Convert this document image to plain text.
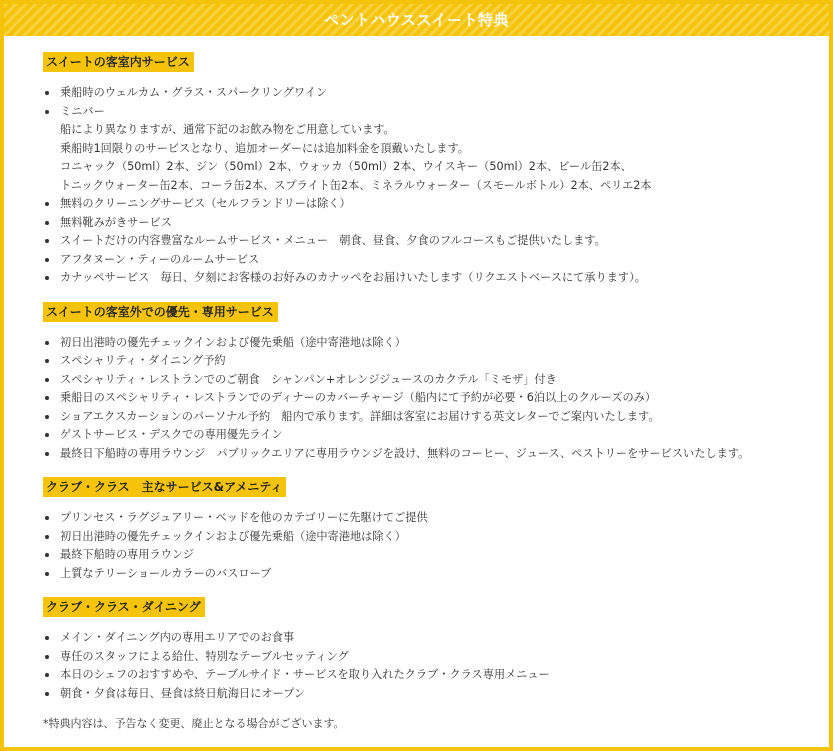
ペントハウススイート特典
スイートの客室内サービス
乗船時のウェルカム・グラス・スパークリングワイン
ミニバー
船により異なりますが、通常下記のお飲み物をご用意しています。
乗船時1回限りのサービスとなり、追加オーダーには追加料金を頂戴いたします。
コニャック（50ml）2本、ジン（50ml）2本、ウォッカ（50ml）2本、ウイスキー（50ml）2本、ビール缶2本、
トニックウォーター缶2本、コーラ缶2本、スプライト缶2本、ミネラルウォーター（スモールボトル）2本、ペリエ2本
無料のクリーニングサービス（セルフランドリーは除く）
無料靴みがきサービス
スイートだけの内容豊富なルームサービス・メニュー　朝食、昼食、夕食のフルコースもご提供いたします。
アフタヌーン・ティーのルームサービス
カナッペサービス　毎日、夕刻にお客様のお好みのカナッペをお届けいたします（リクエストベースにて承ります）。
スイートの客室外での優先・専用サービス
初日出港時の優先チェックインおよび優先乗船（途中寄港地は除く）
スペシャリティ・ダイニング予約
スペシャリティ・レストランでのご朝食　シャンパン+オレンジジュースのカクテル「ミモザ」付き
乗船日のスペシャリティ・レストランでのディナーのカバーチャージ（船内にて予約が必要・6泊以上のクルーズのみ）
ショアエクスカーションのパーソナル予約　船内で承ります。詳細は客室にお届けする英文レターでご案内いたします。
ゲストサービス・デスクでの専用優先ライン
最終日下船時の専用ラウンジ　パブリックエリアに専用ラウンジを設け、無料のコーヒー、ジュース、ペストリーをサービスいたします。
クラブ・クラス　主なサービス&アメニティ
プリンセス・ラグジュアリー・ベッドを他のカテゴリーに先駆けてご提供
初日出港時の優先チェックインおよび優先乗船（途中寄港地は除く）
最終下船時の専用ラウンジ
上質なテリーショールカラーのバスローブ
クラブ・クラス・ダイニング
メイン・ダイニング内の専用エリアでのお食事
専任のスタッフによる給仕、特別なテーブルセッティング
本日のシェフのおすすめや、テーブルサイド・サービスを取り入れたクラブ・クラス専用メニュー
朝食・夕食は毎日、昼食は終日航海日にオープン
*特典内容は、予告なく変更、廃止となる場合がございます。
